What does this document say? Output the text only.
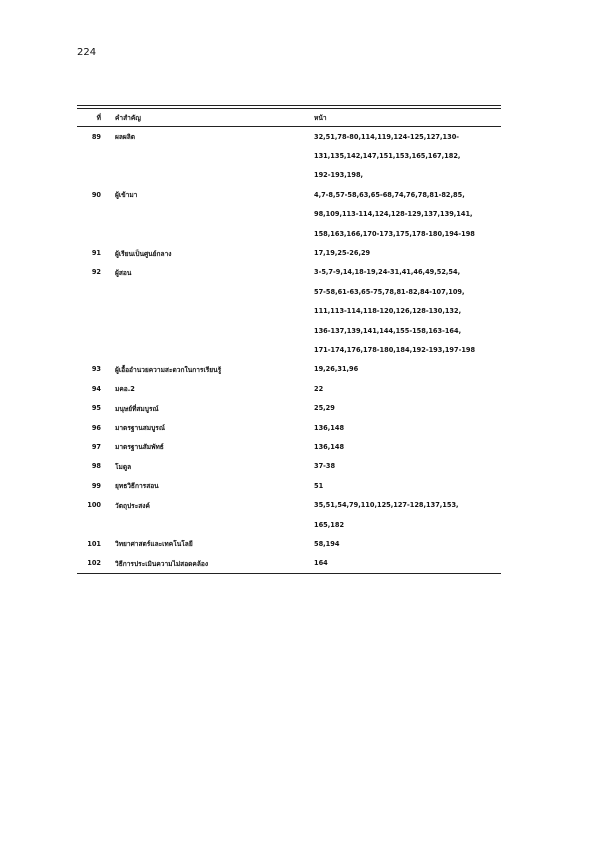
224
ที่	คำสำคัญ	หน้า
89	ผลผลิต	32,51,78-80,114,119,124-125,127,130-
131,135,142,147,151,153,165,167,182,
192-193,198,
90	ผู้เข้ามา	4,7-8,57-58,63,65-68,74,76,78,81-82,85,
98,109,113-114,124,128-129,137,139,141,
158,163,166,170-173,175,178-180,194-198
91	ผู้เรียนเป็นศูนย์กลาง	17,19,25-26,29
92	ผู้สอน	3-5,7-9,14,18-19,24-31,41,46,49,52,54,
57-58,61-63,65-75,78,81-82,84-107,109,
111,113-114,118-120,126,128-130,132,
136-137,139,141,144,155-158,163-164,
171-174,176,178-180,184,192-193,197-198
93	ผู้เอื้ออำนวยความสะดวกในการเรียนรู้	19,26,31,96
94	มคอ.2	22
95	มนุษย์ที่สมบูรณ์	25,29
96	มาตรฐานสมบูรณ์	136,148
97	มาตรฐานสัมพัทธ์	136,148
98	โมดูล	37-38
99	ยุทธวิธีการสอน	51
100	วัตถุประสงค์	35,51,54,79,110,125,127-128,137,153,
165,182
101	วิทยาศาสตร์และเทคโนโลยี	58,194
102	วิธีการประเมินความไม่สอดคล้อง	164
